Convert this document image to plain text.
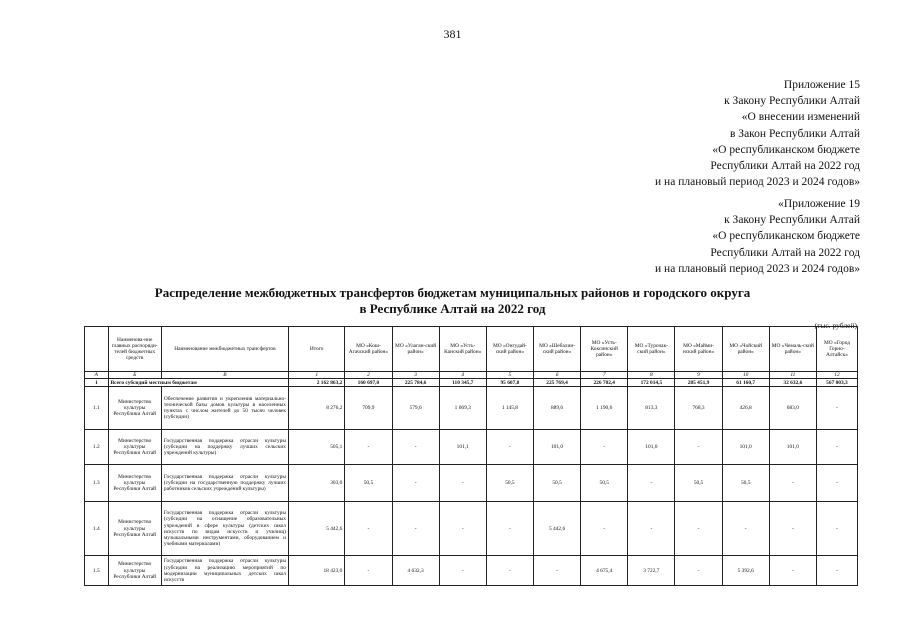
381
Приложение 15
к Закону Республики Алтай
«О внесении изменений
в Закон Республики Алтай
«О республиканском бюджете
Республики Алтай на 2022 год
и на плановый период 2023 и 2024 годов»
«Приложение 19
к Закону Республики Алтай
«О республиканском бюджете
Республики Алтай на 2022 год
и на плановый период 2023 и 2024 годов»
Распределение межбюджетных трансфертов бюджетам муниципальных районов и городского округа
в Республике Алтай на 2022 год
(тыс. рублей)
	Наименова-ние главных распоряди-телей бюджетных средств	Наименование межбюджетных трансфертов	Итого	МО «Кош-Агачский район»	МО «Улаган-ский район»	МО «Усть-Канский район»	МО «Онгудай-ский район»	МО «Шебалин-ский район»	МО «Усть-Коксинский район»	МО «Турочак-ский район»	МО «Майми-нский район»	МО «Чойский район»	МО «Чемаль-ский район»	МО «Город Горно-Алтайск»
А	Б	В	1	2	3	4	5	6	7	8	9	10	11	12
1	Всего субсидий местным бюджетам		2 162 863,2	160 697,0	225 784,6	110 345,7	95 607,8	225 769,4	226 702,4	172 014,5	285 451,9	61 160,7	32 632,6	567 003,3
1.1	Министерство культуры Республики Алтай	Обеспечение развития и укрепления материально-технической базы домов культуры в населенных пунктах с числом жителей до 50 тысяч человек (субсидии)	8 276,2	709,9	579,6	1 069,3	1 145,8	889,6	1 190,6	813,3	768,3	426,8	683,0	-
1.2	Министерство культуры Республики Алтай	Государственная поддержка отрасли культуры (субсидии на поддержку лучших сельских учреждений культуры)	505,1	-	-	101,1	-	101,0	-	101,0	-	101,0	101,0	-
1.3	Министерство культуры Республики Алтай	Государственная поддержка отрасли культуры (субсидии на государственную поддержку лучших работников сельских учреждений культуры)	303,0	50,5	-	-	50,5	50,5	50,5	-	50,5	50,5	-	-
1.4	Министерство культуры Республики Алтай	Государственная поддержка отрасли культуры (субсидии на оснащение образовательных учреждений в сфере культуры (детских школ искусств по видам искусств и училищ) музыкальными инструментами, оборудованием и учебными материалами)	5 442,6	-	-	-	-	5 442,6	-	-	-	-	-	-
1.5	Министерство культуры Республики Алтай	Государственная поддержка отрасли культуры (субсидии на реализацию мероприятий по модернизации муниципальных детских школ искусств	18 423,0	-	4 632,3	-	-	-	4 675,4	3 722,7	-	5 392,6	-	-
